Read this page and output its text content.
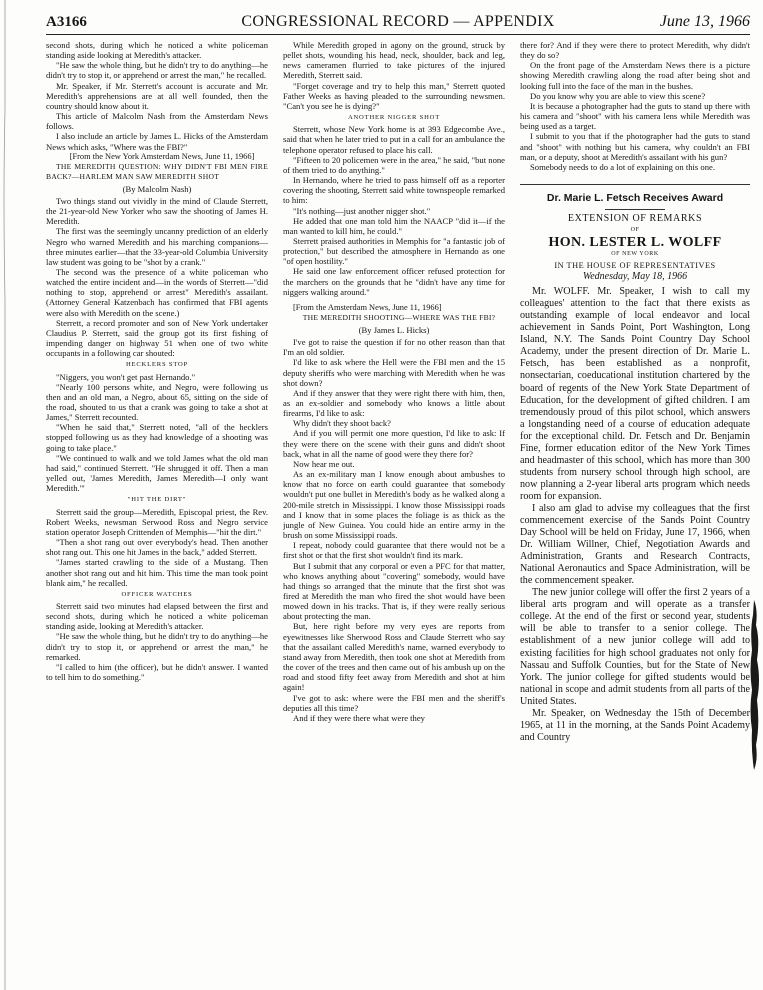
A3166	CONGRESSIONAL RECORD — APPENDIX	June 13, 1966

second shots, during which he noticed a white policeman standing aside looking at Meredith's attacker.

"He saw the whole thing, but he didn't try to do anything—he didn't try to stop it, or apprehend or arrest the man," he recalled.

Mr. Speaker, if Mr. Sterrett's account is accurate and Mr. Meredith's apprehensions are at all well founded, then the country should know about it.

This article of Malcolm Nash from the Amsterdam News follows.

I also include an article by James L. Hicks of the Amsterdam News which asks, "Where was the FBI?"

[From the New York Amsterdam News, June 11, 1966]

THE MEREDITH QUESTION: WHY DIDN'T FBI MEN FIRE BACK?—HARLEM MAN SAW MEREDITH SHOT

(By Malcolm Nash)

Two things stand out vividly in the mind of Claude Sterrett, the 21-year-old New Yorker who saw the shooting of James H. Meredith.

The first was the seemingly uncanny prediction of an elderly Negro who warned Meredith and his marching companions—three minutes earlier—that the 33-year-old Columbia University law student was going to be "shot by a crank."

The second was the presence of a white policeman who watched the entire incident and—in the words of Sterrett—"did nothing to stop, apprehend or arrest" Meredith's assailant. (Attorney General Katzenbach has confirmed that FBI agents were also with Meredith on the scene.)

Sterrett, a record promoter and son of New York undertaker Claudius P. Sterrett, said the group got its first fishing of impending danger on highway 51 when one of two white occupants in a following car shouted:

HECKLERS STOP

"Niggers, you won't get past Hernando."

"Nearly 100 persons white, and Negro, were following us then and an old man, a Negro, about 65, sitting on the side of the road, shouted to us that a crank was going to take a shot at James," Sterrett recounted.

"When he said that," Sterrett noted, "all of the hecklers stopped following us as they had knowledge of a shooting was going to take place."

"We continued to walk and we told James what the old man had said," continued Sterrett. "He shrugged it off. Then a man yelled out, 'James Meredith, James Meredith—I only want Meredith.'"

"HIT THE DIRT"

Sterrett said the group—Meredith, Episcopal priest, the Rev. Robert Weeks, newsman Serwood Ross and Negro service station operator Joseph Crittenden of Memphis—"hit the dirt."

"Then a shot rang out over everybody's head. Then another shot rang out. This one hit James in the back," added Sterrett.

"James started crawling to the side of a Mustang. Then another shot rang out and hit him. This time the man took point blank aim," he recalled.

OFFICER WATCHES

Sterrett said two minutes had elapsed between the first and second shots, during which he noticed a white policeman standing aside, looking at Meredith's attacker.

"He saw the whole thing, but he didn't try to do anything—he didn't try to stop it, or apprehend or arrest the man," he remarked.

"I called to him (the officer), but he didn't answer. I wanted to tell him to do something."

While Meredith groped in agony on the ground, struck by pellet shots, wounding his head, neck, shoulder, back and leg, news cameramen flurried to take pictures of the injured Meredith, Sterrett said.

"Forget coverage and try to help this man," Sterrett quoted Father Weeks as having pleaded to the surrounding newsmen. "Can't you see he is dying?"

ANOTHER NIGGER SHOT

Sterrett, whose New York home is at 393 Edgecombe Ave., said that when he later tried to put in a call for an ambulance the telephone operator refused to place his call.

"Fifteen to 20 policemen were in the area," he said, "but none of them tried to do anything."

In Hernando, where he tried to pass himself off as a reporter covering the shooting, Sterrett said white townspeople remarked to him:

"It's nothing—just another nigger shot."

He added that one man told him the NAACP "did it—if the man wanted to kill him, he could."

Sterrett praised authorities in Memphis for "a fantastic job of protection," but described the atmosphere in Hernando as one "of open hostility."

He said one law enforcement officer refused protection for the marchers on the grounds that he "didn't have any time for niggers walking around."

[From the Amsterdam News, June 11, 1966]

THE MEREDITH SHOOTING—WHERE WAS THE FBI?

(By James L. Hicks)

I've got to raise the question if for no other reason than that I'm an old soldier.

I'd like to ask where the Hell were the FBI men and the 15 deputy sheriffs who were marching with Meredith when he was shot down?

And if they answer that they were right there with him, then, as an ex-soldier and somebody who knows a little about firearms, I'd like to ask:

Why didn't they shoot back?

And if you will permit one more question, I'd like to ask: If they were there on the scene with their guns and didn't shoot back, what in all the name of good were they there for?

Now hear me out.

As an ex-military man I know enough about ambushes to know that no force on earth could guarantee that somebody wouldn't put one bullet in Meredith's body as he walked along a 200-mile stretch in Mississippi. I know those Mississippi roads and I know that in some places the foliage is as thick as the jungle of New Guinea. You could hide an entire army in the brush on some Mississippi roads.

I repeat, nobody could guarantee that there would not be a first shot or that the first shot wouldn't find its mark.

But I submit that any corporal or even a PFC for that matter, who knows anything about "covering" somebody, would have had things so arranged that the minute that the first shot was fired at Meredith the man who fired the shot would have been mowed down in his tracks. That is, if they were really serious about protecting the man.

But, here right before my very eyes are reports from eyewitnesses like Sherwood Ross and Claude Sterrett who say that the assailant called Meredith's name, warned everybody to stand away from Meredith, then took one shot at Meredith from the cover of the trees and then came out of his ambush up on the road and stood fifty feet away from Meredith and shot at him again!

I've got to ask: where were the FBI men and the sheriff's deputies all this time?

And if they were there what were they

there for? And if they were there to protect Meredith, why didn't they do so?

On the front page of the Amsterdam News there is a picture showing Meredith crawling along the road after being shot and looking full into the face of the man in the bushes.

Do you know why you are able to view this scene?

It is because a photographer had the guts to stand up there with his camera and "shoot" with his camera lens while Meredith was being used as a target.

I submit to you that if the photographer had the guts to stand and "shoot" with nothing but his camera, why couldn't an FBI man, or a deputy, shoot at Meredith's assailant with his gun?

Somebody needs to do a lot of explaining on this one.

Dr. Marie L. Fetsch Receives Award
EXTENSION OF REMARKS
OF
HON. LESTER L. WOLFF
OF NEW YORK
IN THE HOUSE OF REPRESENTATIVES
Wednesday, May 18, 1966

Mr. WOLFF. Mr. Speaker, I wish to call my colleagues' attention to the fact that there exists as outstanding example of local endeavor and local achievement in Sands Point, Port Washington, Long Island, N.Y. The Sands Point Country Day School Academy, under the present direction of Dr. Marie L. Fetsch, has been established as a nonprofit, nonsectarian, coeducational institution chartered by the board of regents of the New York State Department of Education, for the development of gifted children. I am tremendously proud of this pilot school, which answers a longstanding need of a course of education adequate for the exceptional child. Dr. Fetsch and Dr. Benjamin Fine, former education editor of the New York Times and headmaster of this school, which has more than 300 students from nursery school through high school, are now planning a 2-year liberal arts program which needs room for expansion.

I also am glad to advise my colleagues that the first commencement exercise of the Sands Point Country Day School will be held on Friday, June 17, 1966, when Dr. William Willner, Chief, Negotiation Awards and Administration, Grants and Research Contracts, National Aeronautics and Space Administration, will be the commencement speaker.

The new junior college will offer the first 2 years of a liberal arts program and will operate as a transfer college. At the end of the first or second year, students will be able to transfer to a senior college. The establishment of a new junior college will add to existing facilities for high school graduates not only for Nassau and Suffolk Counties, but for the State of New York. The junior college for gifted students would be national in scope and admit students from all parts of the United States.

Mr. Speaker, on Wednesday the 15th of December 1965, at 11 in the morning, at the Sands Point Academy and Country
